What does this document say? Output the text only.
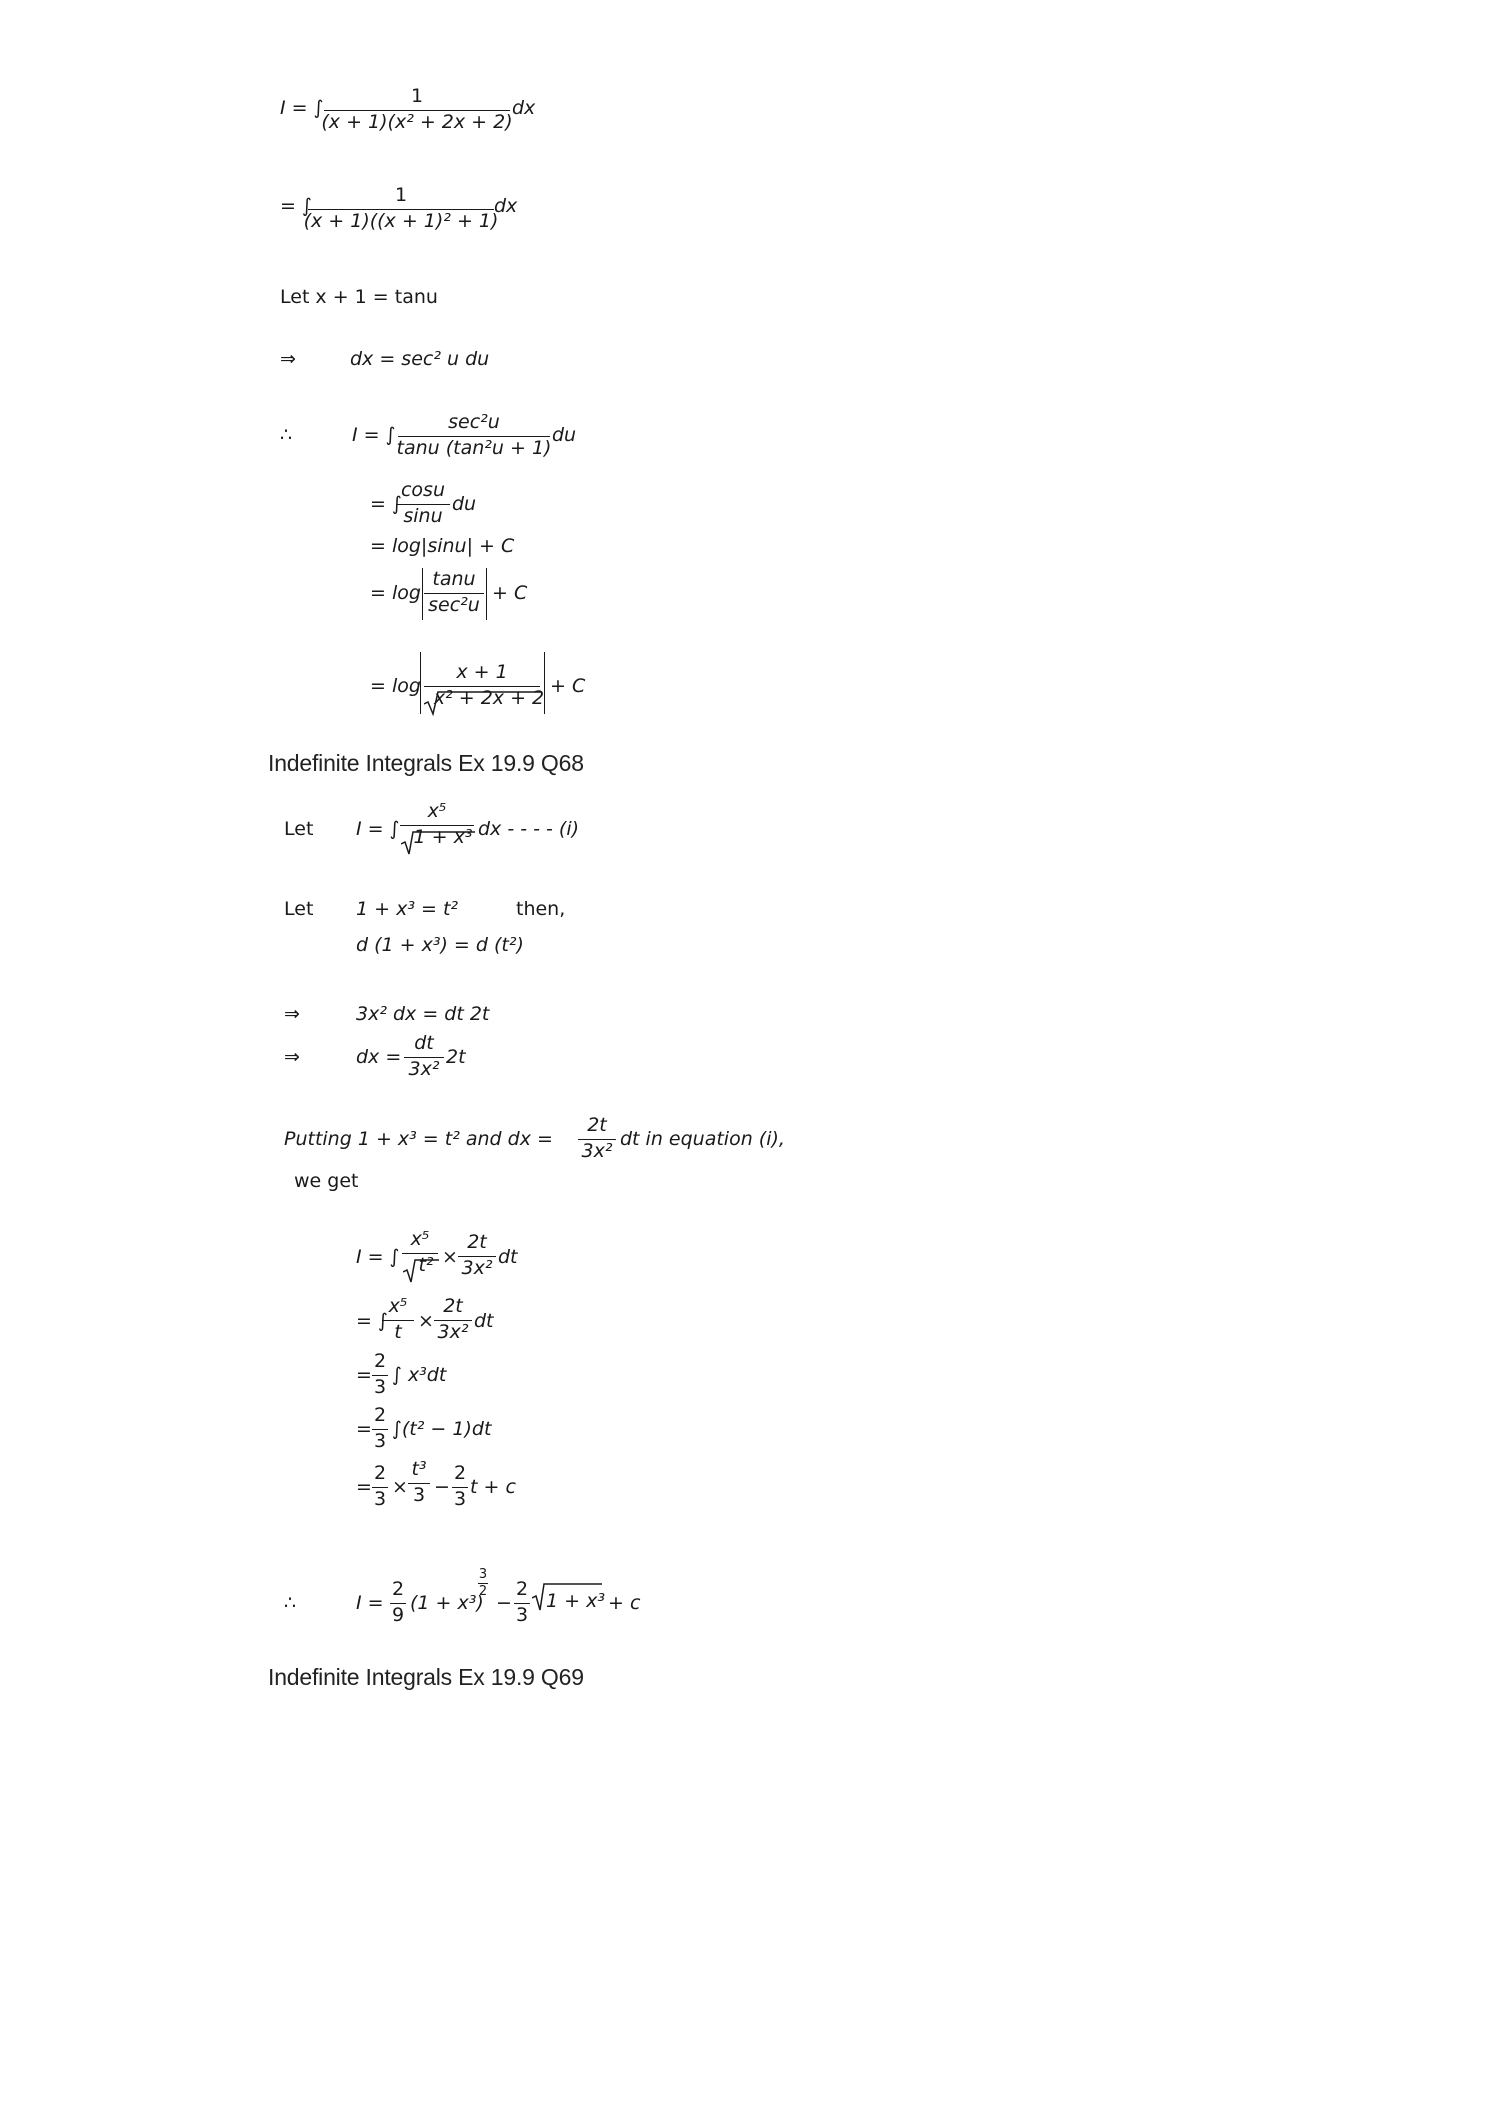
I = ∫
1
(x + 1)(x² + 2x + 2)
dx
= ∫	1
(x + 1)((x + 1)² + 1)
dx
Let x + 1 = tanu
⇒	dx = sec² u du
∴	I = ∫
sec²u
tanu (tan²u + 1)
du
= ∫
cosu
sinu
du
= log|sinu| + C
= log
tanu
sec²u
+ C
= log
x + 1
x² + 2x + 2
+ C
Indefinite Integrals Ex 19.9 Q68
Let I = ∫
x⁵
1 + x³ dx - - - - (i)
Let 1 + x³ = t²	then,
d (1 + x³) = d (t²)
⇒	3x² dx = dt 2t
⇒	dx =
dt
3x²
2t
Putting 1 + x³ = t² and dx =
2t
3x²
dt in equation (i),
we get
I = ∫
x⁵
t² ×
2t
3x² dt
= ∫
x⁵
t ×
2t
3x² dt
=
2
3
∫ x³dt
=
2
3
∫(t² − 1)dt
=
2
3
×
t³
3 −
2
3
t + c
∴	I =
2
9
(1 + x³)
3
2
−
2
3
1 + x³ + c
Indefinite Integrals Ex 19.9 Q69
